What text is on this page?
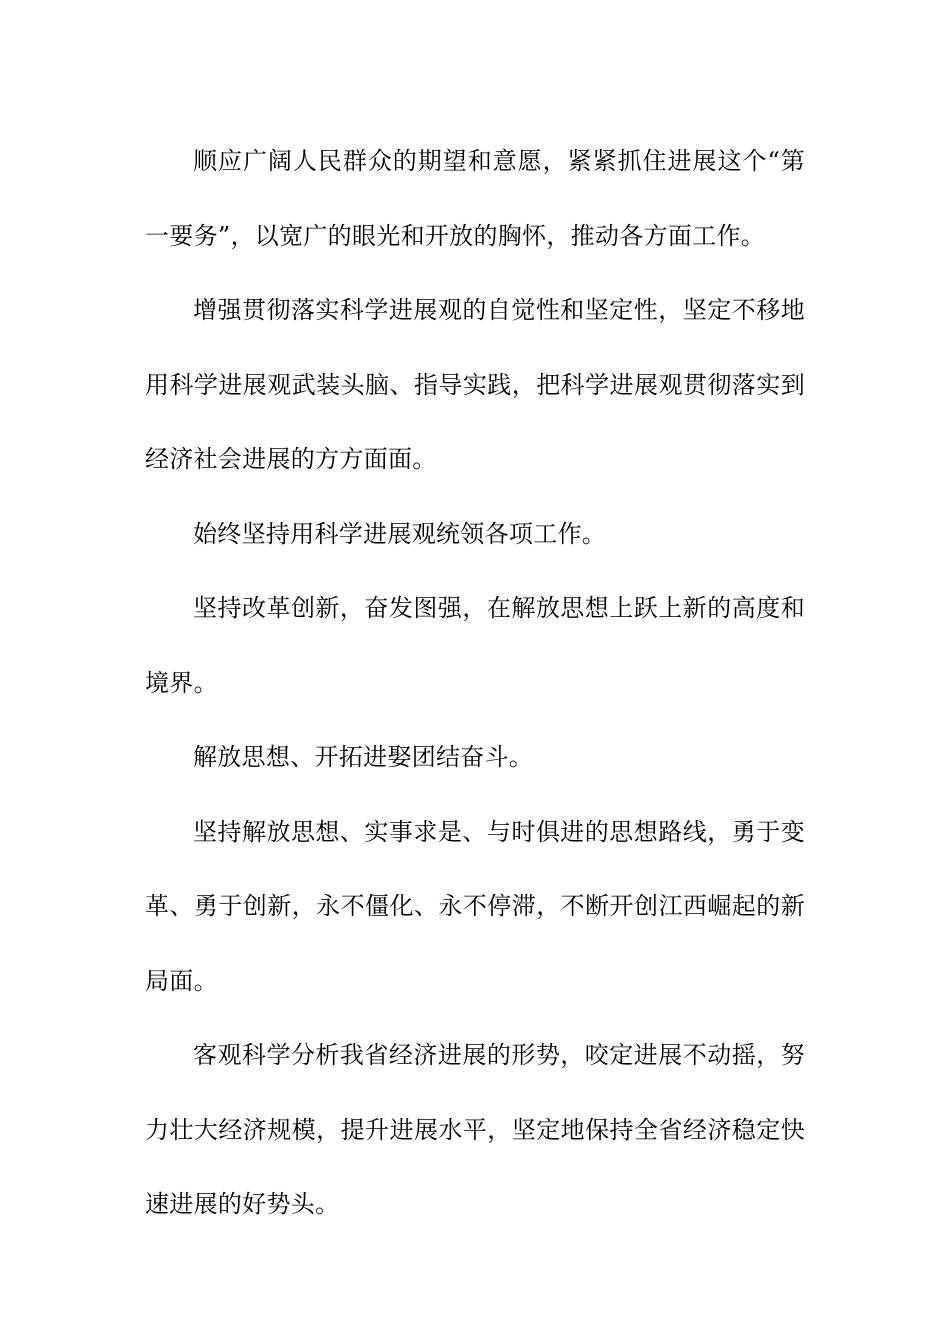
顺应广阔人民群众的期望和意愿，紧紧抓住进展这个“第一要务”，以宽广的眼光和开放的胸怀，推动各方面工作。

增强贯彻落实科学进展观的自觉性和坚定性，坚定不移地用科学进展观武装头脑、指导实践，把科学进展观贯彻落实到经济社会进展的方方面面。

始终坚持用科学进展观统领各项工作。

坚持改革创新，奋发图强，在解放思想上跃上新的高度和境界。

解放思想、开拓进娶团结奋斗。

坚持解放思想、实事求是、与时俱进的思想路线，勇于变革、勇于创新，永不僵化、永不停滞，不断开创江西崛起的新局面。

客观科学分析我省经济进展的形势，咬定进展不动摇，努力壮大经济规模，提升进展水平，坚定地保持全省经济稳定快速进展的好势头。
